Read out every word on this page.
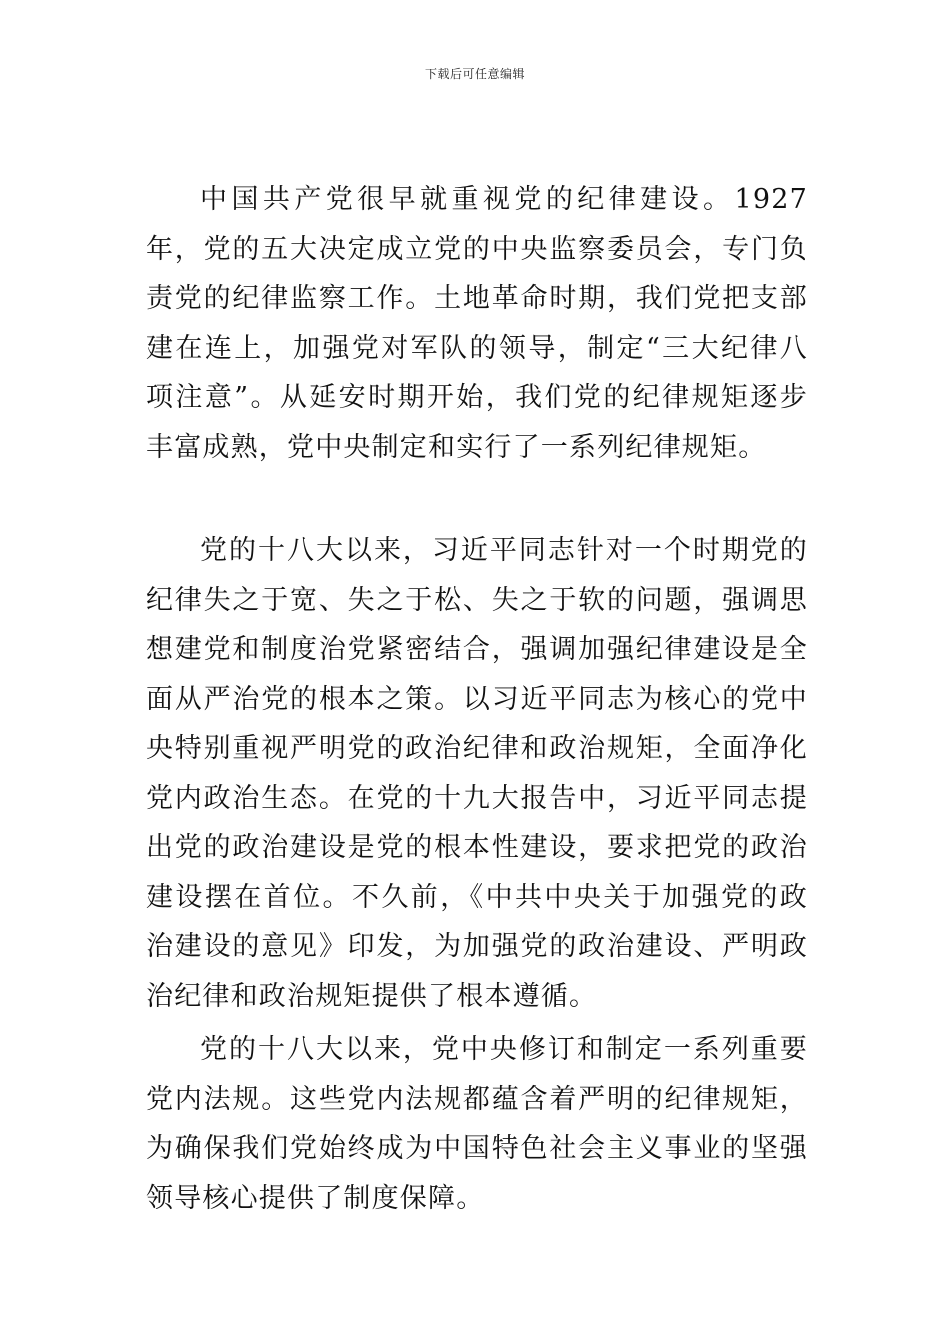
下载后可任意编辑

中国共产党很早就重视党的纪律建设。1927年，党的五大决定成立党的中央监察委员会，专门负责党的纪律监察工作。土地革命时期，我们党把支部建在连上，加强党对军队的领导，制定“三大纪律八项注意”。从延安时期开始，我们党的纪律规矩逐步丰富成熟，党中央制定和实行了一系列纪律规矩。

党的十八大以来，习近平同志针对一个时期党的纪律失之于宽、失之于松、失之于软的问题，强调思想建党和制度治党紧密结合，强调加强纪律建设是全面从严治党的根本之策。以习近平同志为核心的党中央特别重视严明党的政治纪律和政治规矩，全面净化党内政治生态。在党的十九大报告中，习近平同志提出党的政治建设是党的根本性建设，要求把党的政治建设摆在首位。不久前，《中共中央关于加强党的政治建设的意见》印发，为加强党的政治建设、严明政治纪律和政治规矩提供了根本遵循。

党的十八大以来，党中央修订和制定一系列重要党内法规。这些党内法规都蕴含着严明的纪律规矩，为确保我们党始终成为中国特色社会主义事业的坚强领导核心提供了制度保障。
